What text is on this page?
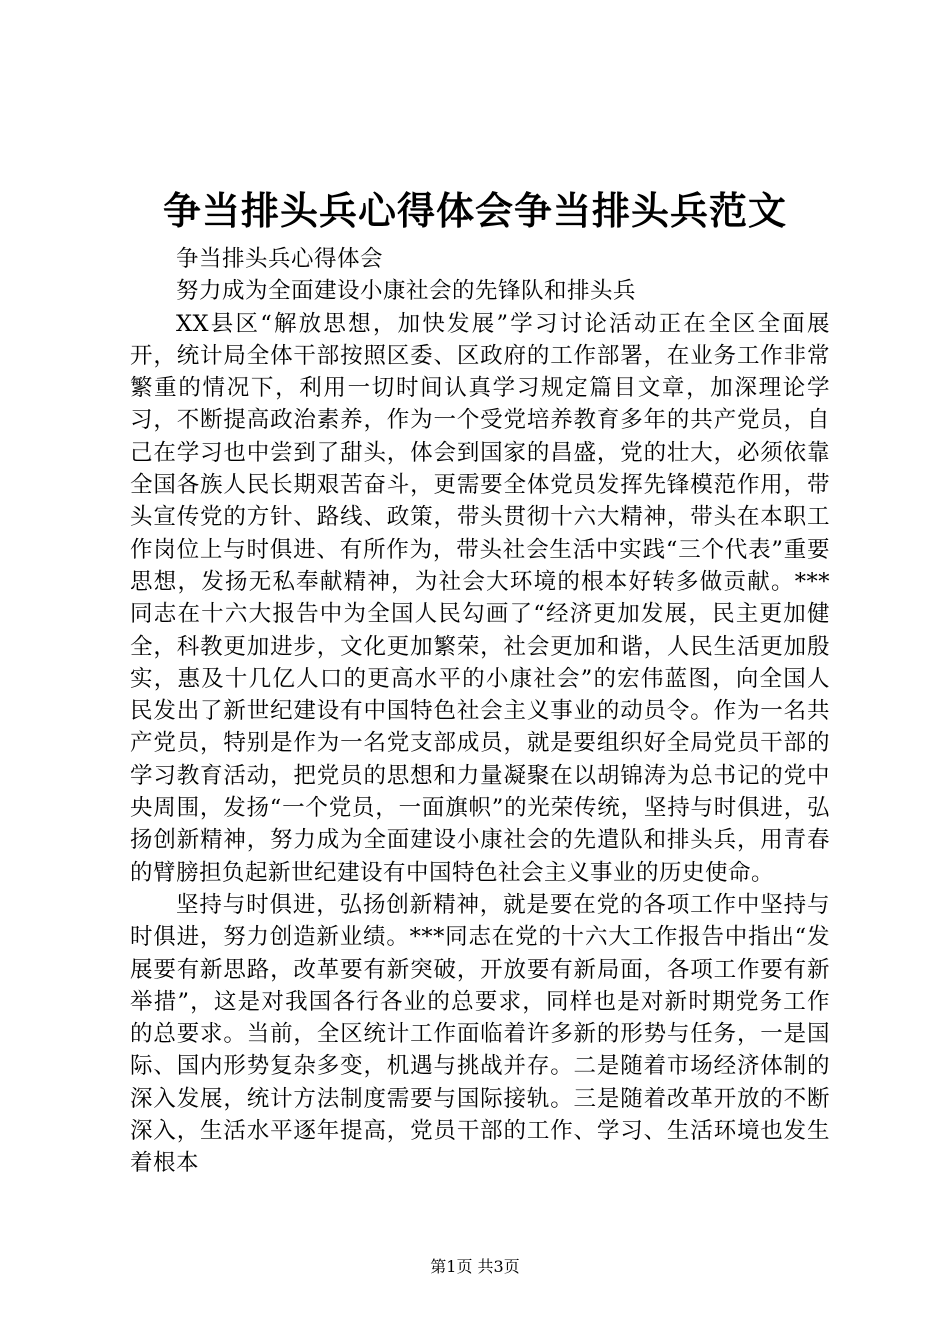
争当排头兵心得体会争当排头兵范文

争当排头兵心得体会

努力成为全面建设小康社会的先锋队和排头兵

XX县区“解放思想，加快发展”学习讨论活动正在全区全面展开，统计局全体干部按照区委、区政府的工作部署，在业务工作非常繁重的情况下，利用一切时间认真学习规定篇目文章，加深理论学习，不断提高政治素养，作为一个受党培养教育多年的共产党员，自己在学习也中尝到了甜头，体会到国家的昌盛，党的壮大，必须依靠全国各族人民长期艰苦奋斗，更需要全体党员发挥先锋模范作用，带头宣传党的方针、路线、政策，带头贯彻十六大精神，带头在本职工作岗位上与时俱进、有所作为，带头社会生活中实践“三个代表”重要思想，发扬无私奉献精神，为社会大环境的根本好转多做贡献。***同志在十六大报告中为全国人民勾画了“经济更加发展，民主更加健全，科教更加进步，文化更加繁荣，社会更加和谐，人民生活更加殷实，惠及十几亿人口的更高水平的小康社会”的宏伟蓝图，向全国人民发出了新世纪建设有中国特色社会主义事业的动员令。作为一名共产党员，特别是作为一名党支部成员，就是要组织好全局党员干部的学习教育活动，把党员的思想和力量凝聚在以胡锦涛为总书记的党中央周围，发扬“一个党员，一面旗帜”的光荣传统，坚持与时俱进，弘扬创新精神，努力成为全面建设小康社会的先遣队和排头兵，用青春的臂膀担负起新世纪建设有中国特色社会主义事业的历史使命。

坚持与时俱进，弘扬创新精神，就是要在党的各项工作中坚持与时俱进，努力创造新业绩。***同志在党的十六大工作报告中指出“发展要有新思路，改革要有新突破，开放要有新局面，各项工作要有新举措”，这是对我国各行各业的总要求，同样也是对新时期党务工作的总要求。当前，全区统计工作面临着许多新的形势与任务，一是国际、国内形势复杂多变，机遇与挑战并存。二是随着市场经济体制的深入发展，统计方法制度需要与国际接轨。三是随着改革开放的不断深入，生活水平逐年提高，党员干部的工作、学习、生活环境也发生着根本

第1页 共3页
